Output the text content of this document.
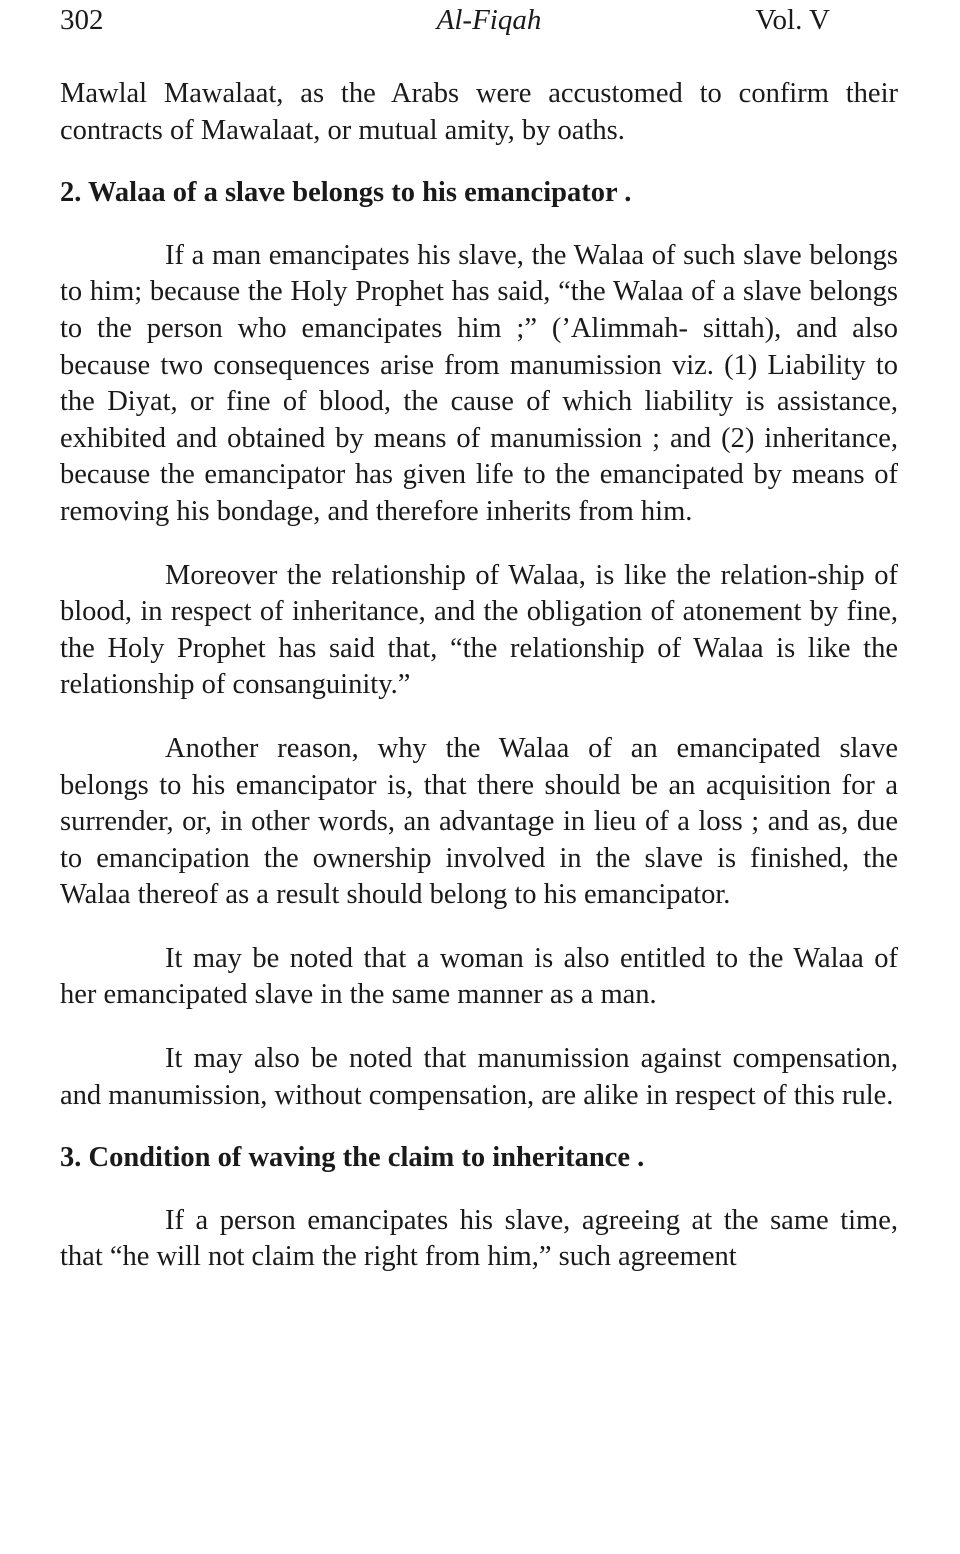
302	Al-Fiqah	Vol. V

Mawlal Mawalaat, as the Arabs were accustomed to confirm their contracts of Mawalaat, or mutual amity, by oaths.

2. Walaa of a slave belongs to his emancipator .

If a man emancipates his slave, the Walaa of such slave belongs to him; because the Holy Prophet has said, “the Walaa of a slave belongs to the person who emancipates him ;” (’Alimmah- sittah), and also because two consequences arise from manumission viz. (1) Liability to the Diyat, or fine of blood, the cause of which liability is assistance, exhibited and obtained by means of manumission ; and (2) inheritance, because the emancipator has given life to the emancipated by means of removing his bondage, and therefore inherits from him.

Moreover the relationship of Walaa, is like the relation-ship of blood, in respect of inheritance, and the obligation of atonement by fine, the Holy Prophet has said that, “the relationship of Walaa is like the relationship of consanguinity.”

Another reason, why the Walaa of an emancipated slave belongs to his emancipator is, that there should be an acquisition for a surrender, or, in other words, an advantage in lieu of a loss ; and as, due to emancipation the ownership involved in the slave is finished, the Walaa thereof as a result should belong to his emancipator.

It may be noted that a woman is also entitled to the Walaa of her emancipated slave in the same manner as a man.

It may also be noted that manumission against compensation, and manumission, without compensation, are alike in respect of this rule.

3. Condition of waving the claim to inheritance .

If a person emancipates his slave, agreeing at the same time, that “he will not claim the right from him,” such agreement
